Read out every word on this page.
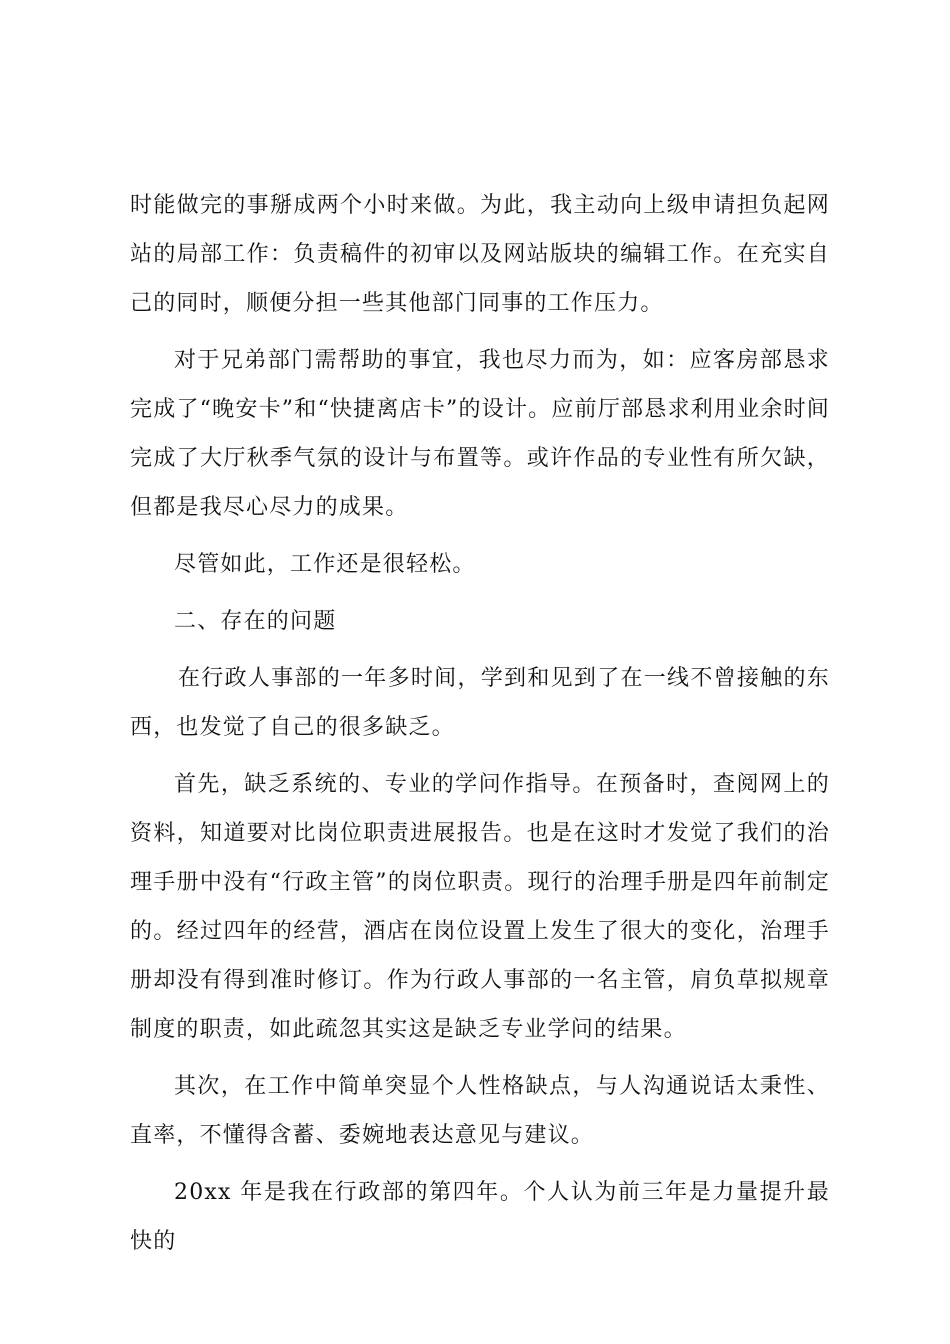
时能做完的事掰成两个小时来做。为此，我主动向上级申请担负起网站的局部工作：负责稿件的初审以及网站版块的编辑工作。在充实自己的同时，顺便分担一些其他部门同事的工作压力。

对于兄弟部门需帮助的事宜，我也尽力而为，如：应客房部恳求完成了“晚安卡”和“快捷离店卡”的设计。应前厅部恳求利用业余时间完成了大厅秋季气氛的设计与布置等。或许作品的专业性有所欠缺，但都是我尽心尽力的成果。

尽管如此，工作还是很轻松。

二、存在的问题

在行政人事部的一年多时间，学到和见到了在一线不曾接触的东西，也发觉了自己的很多缺乏。

首先，缺乏系统的、专业的学问作指导。在预备时，查阅网上的资料，知道要对比岗位职责进展报告。也是在这时才发觉了我们的治理手册中没有“行政主管”的岗位职责。现行的治理手册是四年前制定的。经过四年的经营，酒店在岗位设置上发生了很大的变化，治理手册却没有得到准时修订。作为行政人事部的一名主管，肩负草拟规章制度的职责，如此疏忽其实这是缺乏专业学问的结果。

其次，在工作中简单突显个人性格缺点，与人沟通说话太秉性、直率，不懂得含蓄、委婉地表达意见与建议。

20xx 年是我在行政部的第四年。个人认为前三年是力量提升最快的
